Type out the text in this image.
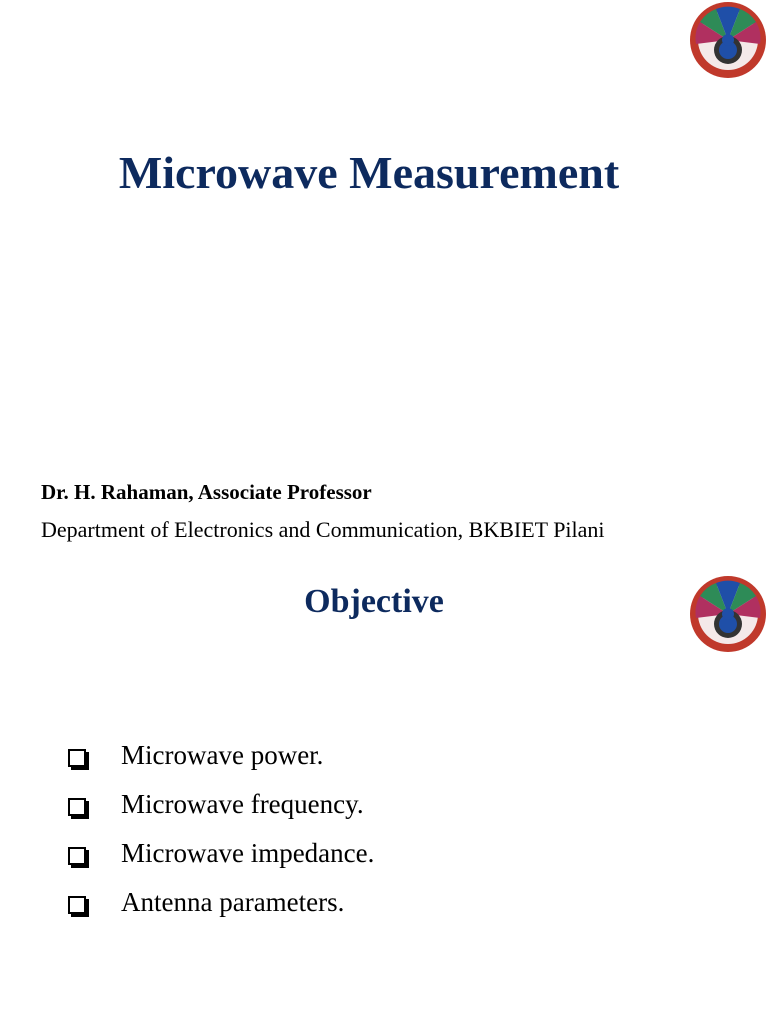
Microwave Measurement

Dr. H. Rahaman, Associate Professor

Department of Electronics and Communication, BKBIET Pilani

Objective
Microwave power.
Microwave frequency.
Microwave impedance.
Antenna parameters.
